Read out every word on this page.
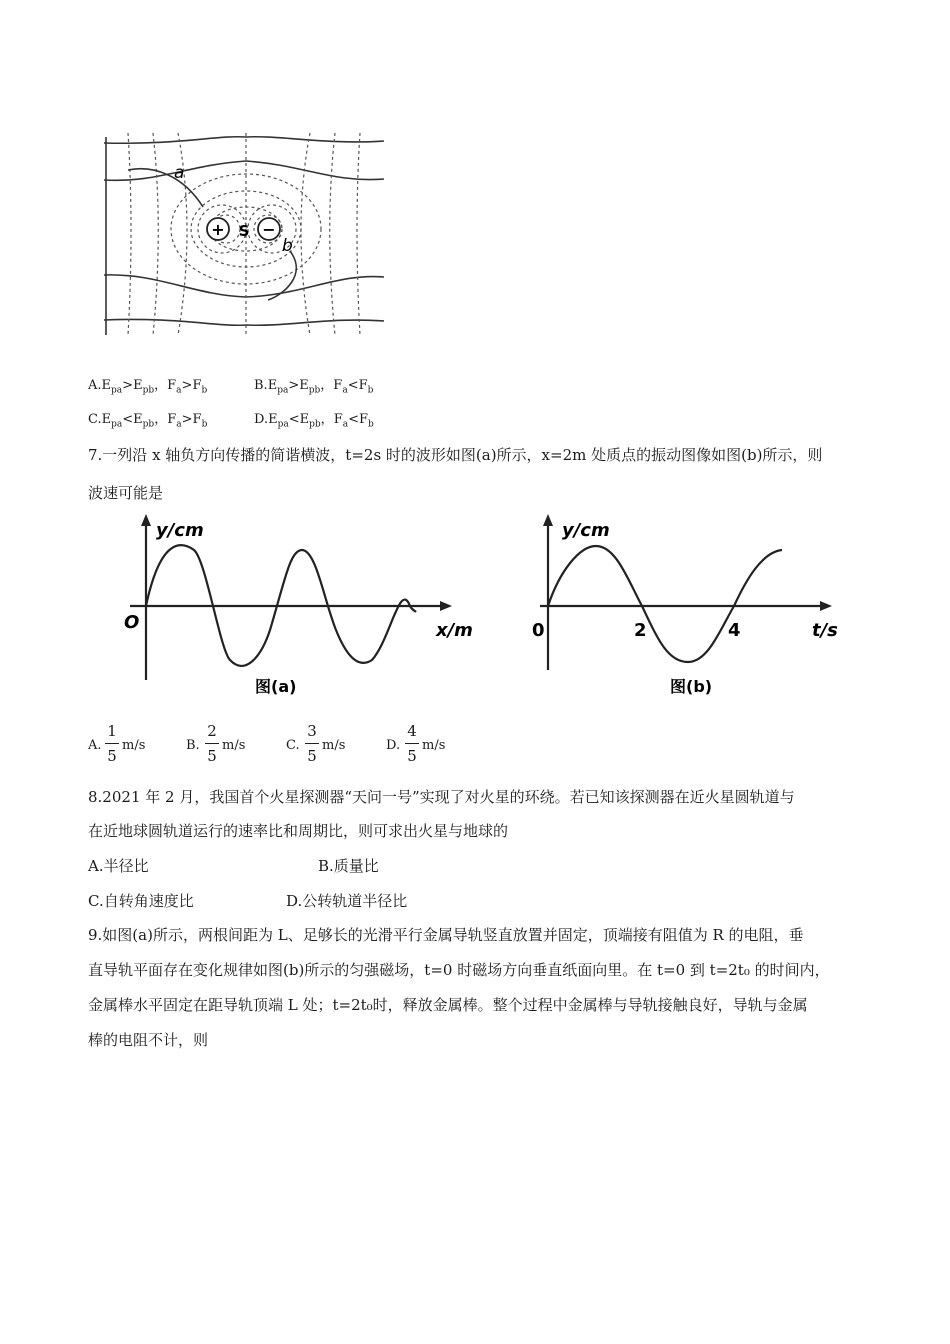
+ −
S
a
b
$A.E_{pa}>E_{pb}$，$F_a>F_b$	$B.E_{pa}>E_{pb}$，$F_a<F_b$
$C.E_{pa}<E_{pb}$，$F_a>F_b$	$D.E_{pa}<E_{pb}$，$F_a<F_b$
7.一列沿 x 轴负方向传播的简谐横波，t=2s 时的波形如图(a)所示，x=2m 处质点的振动图像如图(b)所示，则
波速可能是
y/cm
x/m
O
图(a)
y/cm
t/s
0	2	4
图(b)
A.
1
5
m/s	B.
2
5
m/s	C.
3
5
m/s	D.
4
5
m/s
8.2021 年 2 月，我国首个火星探测器“天问一号”实现了对火星的环绕。若已知该探测器在近火星圆轨道与
在近地球圆轨道运行的速率比和周期比，则可求出火星与地球的
A.半径比	B.质量比
C.自转角速度比	D.公转轨道半径比
9.如图(a)所示，两根间距为 L、足够长的光滑平行金属导轨竖直放置并固定，顶端接有阻值为 R 的电阻，垂
直导轨平面存在变化规律如图(b)所示的匀强磁场，t=0 时磁场方向垂直纸面向里。在 t=0 到 t=2t₀ 的时间内，
金属棒水平固定在距导轨顶端 L 处；t=2t₀时，释放金属棒。整个过程中金属棒与导轨接触良好，导轨与金属
棒的电阻不计，则
